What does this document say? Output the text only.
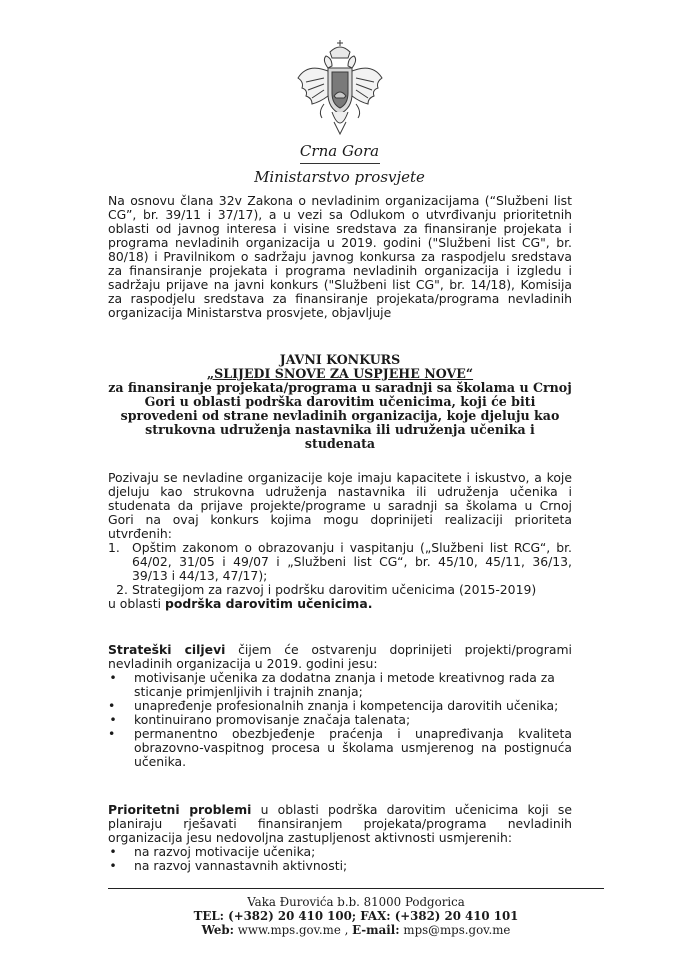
Crna Gora
Ministarstvo prosvjete
Na osnovu člana 32v Zakona o nevladinim organizacijama (“Službeni list CG”, br. 39/11 i 37/17), a u vezi sa Odlukom o utvrđivanju prioritetnih oblasti od javnog interesa i visine sredstava za finansiranje projekata i programa nevladinih organizacija u 2019. godini ("Službeni list CG", br. 80/18) i Pravilnikom o sadržaju javnog konkursa za raspodjelu sredstava za finansiranje projekata i programa nevladinih organizacija i izgledu i sadržaju prijave na javni konkurs ("Službeni list CG", br. 14/18), Komisija za raspodjelu sredstava za finansiranje projekata/programa nevladinih organizacija Ministarstva prosvjete, objavljuje
JAVNI KONKURS
„SLIJEDI SNOVE ZA USPJEHE NOVE“
za finansiranje projekata/programa u saradnji sa školama u Crnoj Gori u oblasti podrška darovitim učenicima, koji će biti sprovedeni od strane nevladinih organizacija, koje djeluju kao strukovna udruženja nastavnika ili udruženja učenika i studenata
Pozivaju se nevladine organizacije koje imaju kapacitete i iskustvo, a koje djeluju kao strukovna udruženja nastavnika ili udruženja učenika i studenata da prijave projekte/programe u saradnji sa školama u Crnoj Gori na ovaj konkurs kojima mogu doprinijeti realizaciji prioriteta utvrđenih:
1. Opštim zakonom o obrazovanju i vaspitanju („Službeni list RCG“, br. 64/02, 31/05 i 49/07 i „Službeni list CG“, br. 45/10, 45/11, 36/13, 39/13 i 44/13, 47/17);
2. Strategijom za razvoj i podršku darovitim učenicima (2015-2019)
u oblasti podrška darovitim učenicima.
Strateški ciljevi čijem će ostvarenju doprinijeti projekti/programi nevladinih organizacija u 2019. godini jesu:
• motivisanje učenika za dodatna znanja i metode kreativnog rada za sticanje primjenljivih i trajnih znanja;
• unapređenje profesionalnih znanja i kompetencija darovitih učenika;
• kontinuirano promovisanje značaja talenata;
• permanentno obezbjeđenje praćenja i unapređivanja kvaliteta obrazovno-vaspitnog procesa u školama usmjerenog na postignuća učenika.
Prioritetni problemi u oblasti podrška darovitim učenicima koji se planiraju rješavati finansiranjem projekata/programa nevladinih organizacija jesu nedovoljna zastupljenost aktivnosti usmjerenih:
• na razvoj motivacije učenika;
• na razvoj vannastavnih aktivnosti;
Vaka Đurovića b.b. 81000 Podgorica
TEL: (+382) 20 410 100; FAX: (+382) 20 410 101
Web: www.mps.gov.me , E-mail: mps@mps.gov.me
